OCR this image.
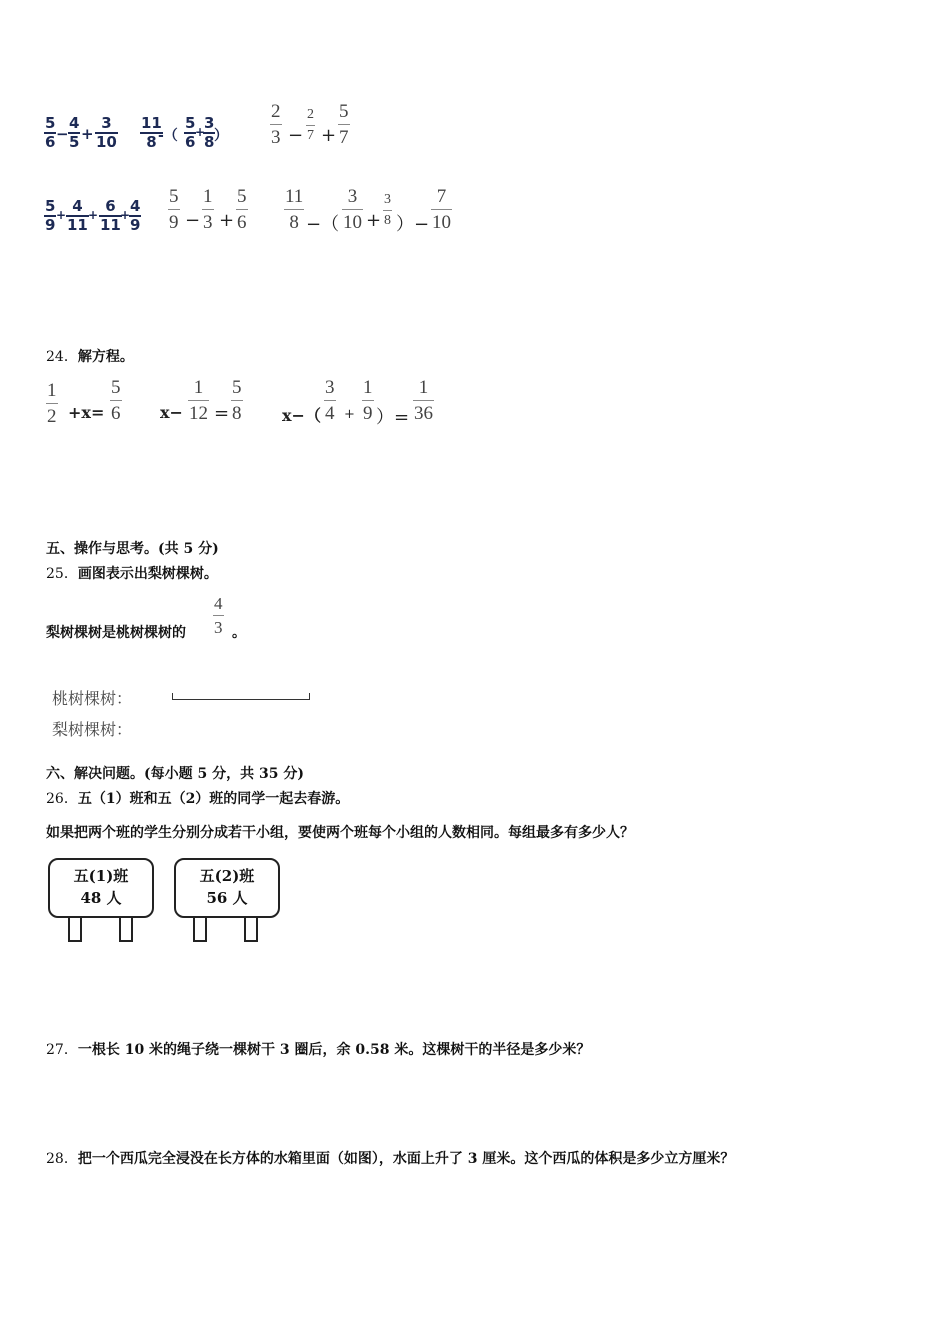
$\frac{5}{6} - \frac{4}{5} + \frac{3}{10} \frac{11}{8}$
-（ $\frac{5}{6}$
+
$\frac{3}{8}$
） $\frac{2}{3} - \frac{2}{7} + \frac{5}{7}$
$\frac{5}{9} + \frac{4}{11} + \frac{6}{11}$
+
$\frac{4}{9} \frac{5}{9} - \frac{1}{3} + \frac{5}{6} \frac{11}{8}$ −（ $\frac{3}{10} + \frac{3}{8}$ ）− $\frac{7}{10}$
24．解方程。
$\frac{1}{2} +x= \frac{5}{6} x- \frac{1}{12} = \frac{5}{8} x-( \frac{3}{4} + \frac{1}{9}$ ）= $\frac{1}{36}$
五、操作与思考。(共 5 分)
25．画图表示出梨树棵树。
梨树棵树是桃树棵树的 $\frac{4}{3}$ 。
桃树棵树：
梨树棵树：
六、解决问题。(每小题 5 分，共 35 分)
26．五（1）班和五（2）班的同学一起去春游。
如果把两个班的学生分别分成若干小组，要使两个班每个小组的人数相同。每组最多有多少人？
五(1)班
48 人
五(2)班
56 人
27．一根长 10 米的绳子绕一棵树干 3 圈后，余 0.58 米。这棵树干的半径是多少米？
28．把一个西瓜完全浸没在长方体的水箱里面（如图），水面上升了 3 厘米。这个西瓜的体积是多少立方厘米？
